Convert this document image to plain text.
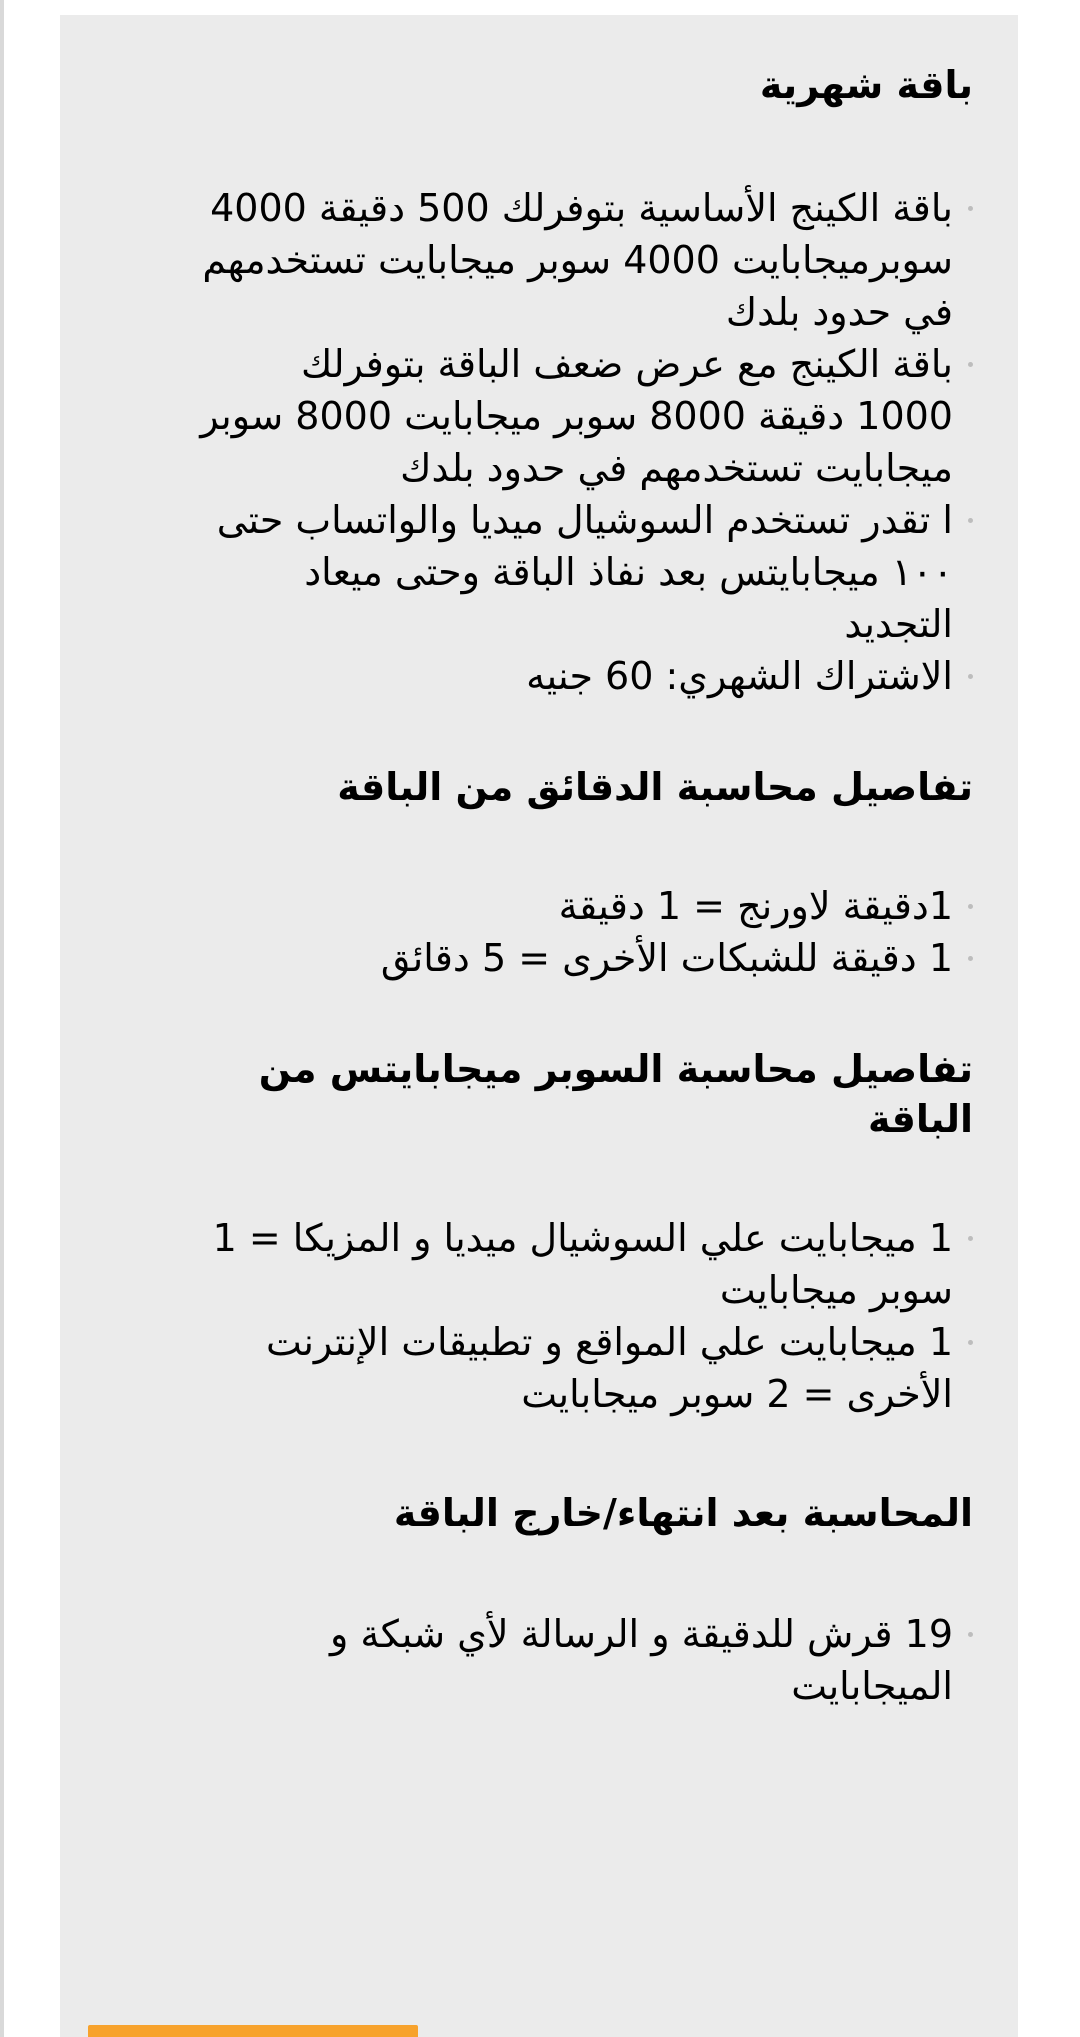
باقة شهرية
باقة الكينج الأساسية بتوفرلك 500 دقيقة 4000 سوبرميجابايت 4000 سوبر ميجابايت تستخدمهم في حدود بلدك
باقة الكينج مع عرض ضعف الباقة بتوفرلك 1000 دقيقة 8000 سوبر ميجابايت 8000 سوبر ميجابايت تستخدمهم في حدود بلدك
ا تقدر تستخدم السوشيال ميديا والواتساب حتى ١٠٠ ميجابايتس بعد نفاذ الباقة وحتى ميعاد التجديد
الاشتراك الشهري: 60 جنيه
تفاصيل محاسبة الدقائق من الباقة
1دقيقة لاورنج = 1 دقيقة
1 دقيقة للشبكات الأخرى = 5 دقائق
تفاصيل محاسبة السوبر ميجابايتس من الباقة
1 ميجابايت علي السوشيال ميديا و المزيكا = 1 سوبر ميجابايت
1 ميجابايت علي المواقع و تطبيقات الإنترنت الأخرى = 2 سوبر ميجابايت
المحاسبة بعد انتهاء/خارج الباقة
19 قرش للدقيقة و الرسالة لأي شبكة و الميجابايت
